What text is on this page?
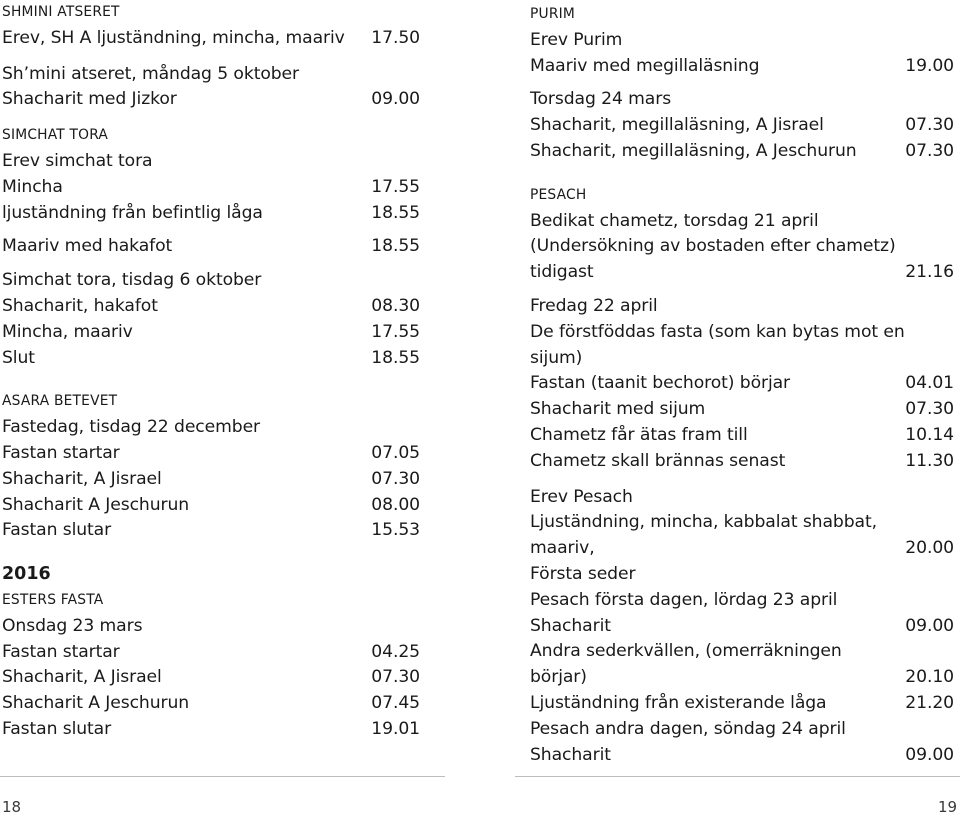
SHMINI ATSERET
Erev, SH A ljuständning, mincha, maariv	17.50
Sh’mini atseret, måndag 5 oktober
Shacharit med Jizkor	09.00
SIMCHAT TORA
Erev simchat tora
Mincha	17.55
ljuständning från befintlig låga	18.55
Maariv med hakafot	18.55
Simchat tora, tisdag 6 oktober
Shacharit, hakafot	08.30
Mincha, maariv	17.55
Slut	18.55
ASARA BETEVET
Fastedag, tisdag 22 december
Fastan startar	07.05
Shacharit, A Jisrael	07.30
Shacharit A Jeschurun	08.00
Fastan slutar	15.53
2016
ESTERS FASTA
Onsdag 23 mars
Fastan startar	04.25
Shacharit, A Jisrael	07.30
Shacharit A Jeschurun	07.45
Fastan slutar	19.01
PURIM
Erev Purim
Maariv med megillaläsning	19.00
Torsdag 24 mars
Shacharit, megillaläsning, A Jisrael	07.30
Shacharit, megillaläsning, A Jeschurun	07.30
PESACH
Bedikat chametz, torsdag 21 april
(Undersökning av bostaden efter chametz)
tidigast	21.16
Fredag 22 april
De förstföddas fasta (som kan bytas mot en sijum)
Fastan (taanit bechorot) börjar	04.01
Shacharit med sijum	07.30
Chametz får ätas fram till	10.14
Chametz skall brännas senast	11.30
Erev Pesach
Ljuständning, mincha, kabbalat shabbat,
maariv,	20.00
Första seder
Pesach första dagen, lördag 23 april
Shacharit	09.00
Andra sederkvällen, (omerräkningen
börjar)	20.10
Ljuständning från existerande låga	21.20
Pesach andra dagen, söndag 24 april
Shacharit	09.00
18	19
